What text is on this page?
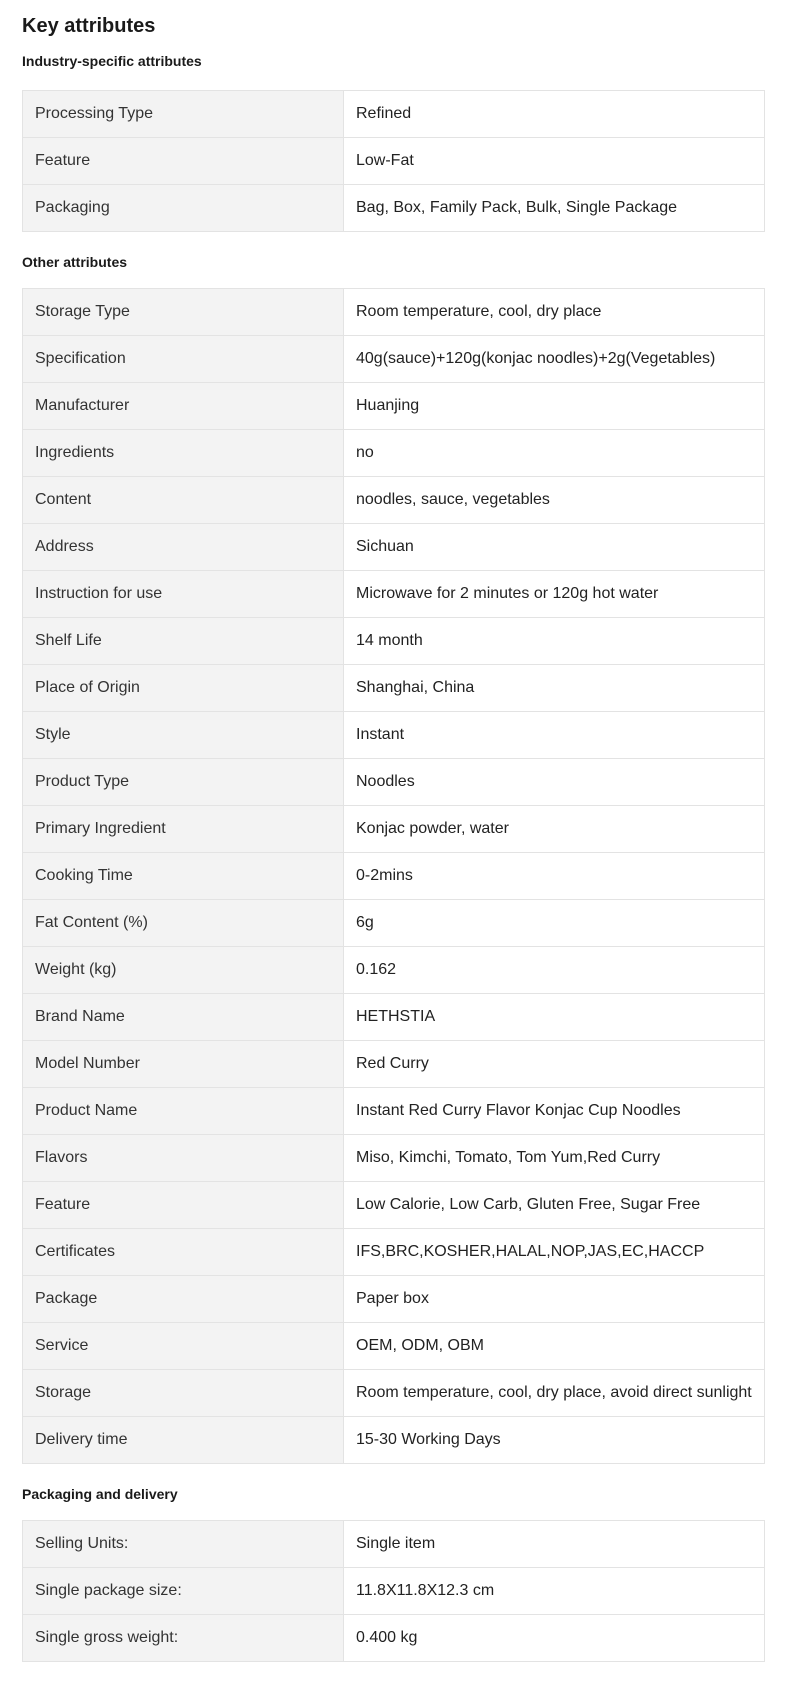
Key attributes
Industry-specific attributes
Processing Type	Refined
Feature	Low-Fat
Packaging	Bag, Box, Family Pack, Bulk, Single Package
Other attributes
Storage Type	Room temperature, cool, dry place
Specification	40g(sauce)+120g(konjac noodles)+2g(Vegetables)
Manufacturer	Huanjing
Ingredients	no
Content	noodles, sauce, vegetables
Address	Sichuan
Instruction for use	Microwave for 2 minutes or 120g hot water
Shelf Life	14 month
Place of Origin	Shanghai, China
Style	Instant
Product Type	Noodles
Primary Ingredient	Konjac powder, water
Cooking Time	0-2mins
Fat Content (%)	6g
Weight (kg)	0.162
Brand Name	HETHSTIA
Model Number	Red Curry
Product Name	Instant Red Curry Flavor Konjac Cup Noodles
Flavors	Miso, Kimchi, Tomato, Tom Yum,Red Curry
Feature	Low Calorie, Low Carb, Gluten Free, Sugar Free
Certificates	IFS,BRC,KOSHER,HALAL,NOP,JAS,EC,HACCP
Package	Paper box
Service	OEM, ODM, OBM
Storage	Room temperature, cool, dry place, avoid direct sunlight
Delivery time	15-30 Working Days
Packaging and delivery
Selling Units:	Single item
Single package size:	11.8X11.8X12.3 cm
Single gross weight:	0.400 kg
